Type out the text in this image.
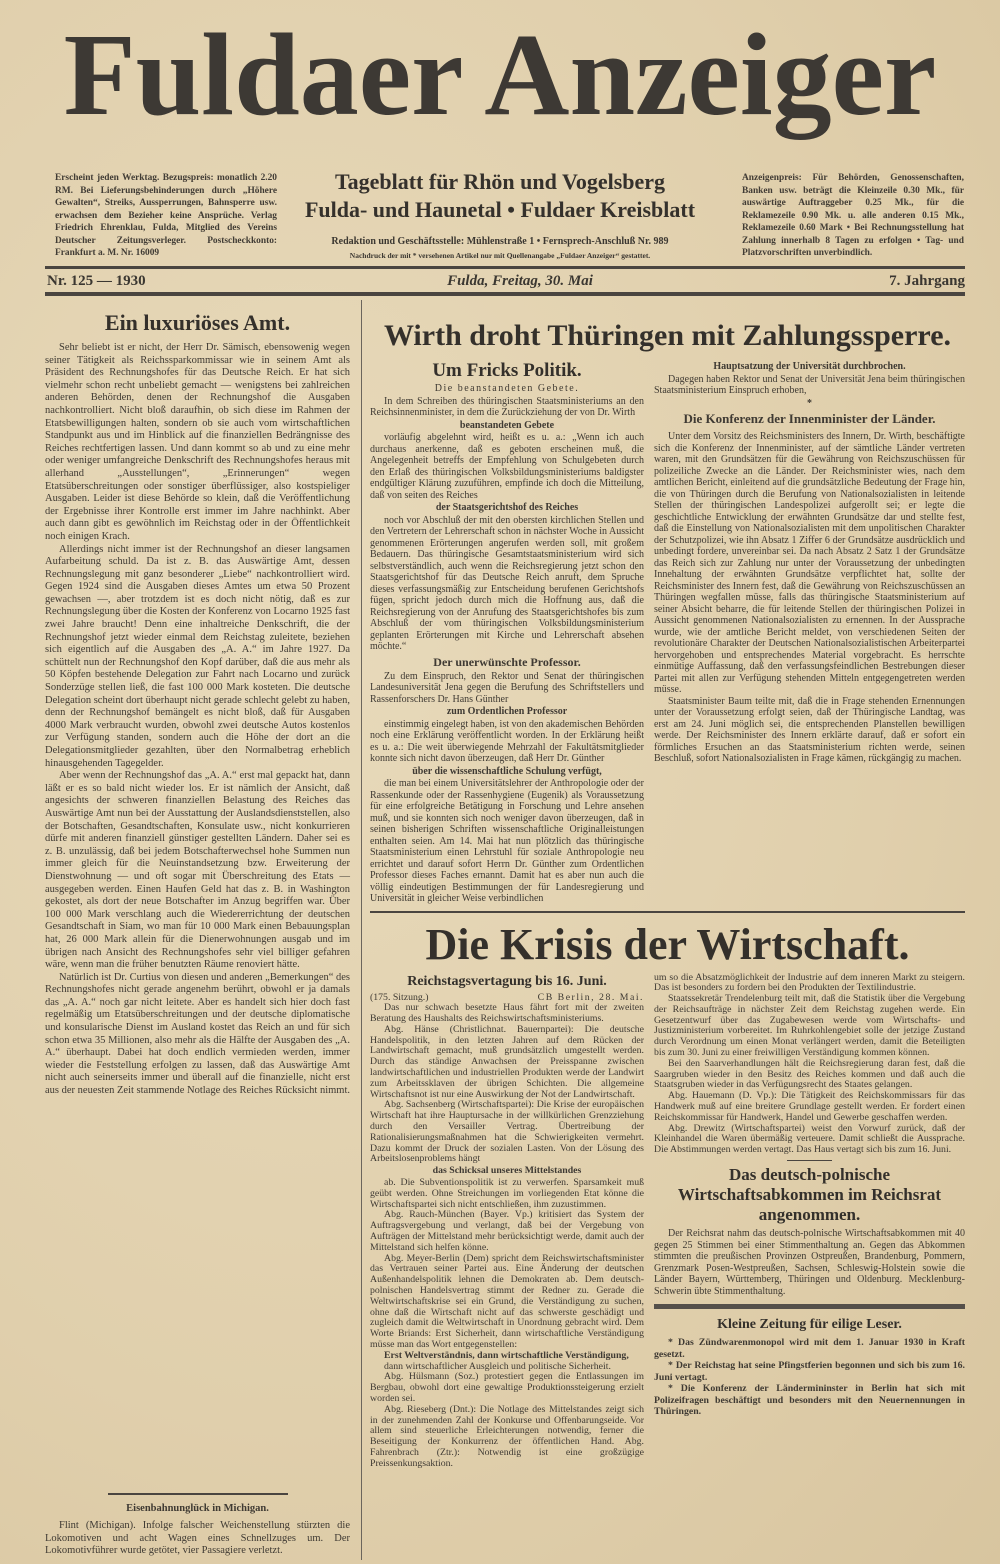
Fuldaer Anzeiger
Erscheint jeden Werktag. Bezugspreis: monatlich 2.20 RM. Bei Lieferungsbehinderungen durch „Höhere Gewalten“, Streiks, Aussperrungen, Bahnsperre usw. erwachsen dem Bezieher keine Ansprüche. Verlag Friedrich Ehrenklau, Fulda, Mitglied des Vereins Deutscher Zeitungsverleger. Postscheckkonto: Frankfurt a. M. Nr. 16009
Tageblatt für Rhön und Vogelsberg
Fulda- und Haunetal • Fuldaer Kreisblatt
Redaktion und Geschäftsstelle: Mühlenstraße 1 • Fernsprech-Anschluß Nr. 989
Nachdruck der mit * versehenen Artikel nur mit Quellenangabe „Fuldaer Anzeiger“ gestattet.
Anzeigenpreis: Für Behörden, Genossenschaften, Banken usw. beträgt die Kleinzeile 0.30 Mk., für auswärtige Auftraggeber 0.25 Mk., für die Reklamezeile 0.90 Mk. u. alle anderen 0.15 Mk., Reklamezeile 0.60 Mark • Bei Rechnungsstellung hat Zahlung innerhalb 8 Tagen zu erfolgen • Tag- und Platzvorschriften unverbindlich.
Nr. 125 — 1930	Fulda, Freitag, 30. Mai	7. Jahrgang
Ein luxuriöses Amt.

Sehr beliebt ist er nicht, der Herr Dr. Sämisch, ebensowenig wegen seiner Tätigkeit als Reichssparkommissar wie in seinem Amt als Präsident des Rechnungshofes für das Deutsche Reich. Er hat sich vielmehr schon recht unbeliebt gemacht — wenigstens bei zahlreichen anderen Behörden, denen der Rechnungshof die Ausgaben nachkontrolliert. Nicht bloß daraufhin, ob sich diese im Rahmen der Etatsbewilligungen halten, sondern ob sie auch vom wirtschaftlichen Standpunkt aus und im Hinblick auf die finanziellen Bedrängnisse des Reiches rechtfertigen lassen. Und dann kommt so ab und zu eine mehr oder weniger umfangreiche Denkschrift des Rechnungshofes heraus mit allerhand „Ausstellungen“, „Erinnerungen“ wegen Etatsüberschreitungen oder sonstiger überflüssiger, also kostspieliger Ausgaben. Leider ist diese Behörde so klein, daß die Veröffentlichung der Ergebnisse ihrer Kontrolle erst immer im Jahre nachhinkt. Aber auch dann gibt es gewöhnlich im Reichstag oder in der Öffentlichkeit noch einigen Krach.

Allerdings nicht immer ist der Rechnungshof an dieser langsamen Aufarbeitung schuld. Da ist z. B. das Auswärtige Amt, dessen Rechnungslegung mit ganz besonderer „Liebe“ nachkontrolliert wird. Gegen 1924 sind die Ausgaben dieses Amtes um etwa 50 Prozent gewachsen —, aber trotzdem ist es doch nicht nötig, daß es zur Rechnungslegung über die Kosten der Konferenz von Locarno 1925 fast zwei Jahre braucht! Denn eine inhaltreiche Denkschrift, die der Rechnungshof jetzt wieder einmal dem Reichstag zuleitete, beziehen sich eigentlich auf die Ausgaben des „A. A.“ im Jahre 1927. Da schüttelt nun der Rechnungshof den Kopf darüber, daß die aus mehr als 50 Köpfen bestehende Delegation zur Fahrt nach Locarno und zurück Sonderzüge stellen ließ, die fast 100 000 Mark kosteten. Die deutsche Delegation scheint dort überhaupt nicht gerade schlecht gelebt zu haben, denn der Rechnungshof bemängelt es nicht bloß, daß für Ausgaben 4000 Mark verbraucht wurden, obwohl zwei deutsche Autos kostenlos zur Verfügung standen, sondern auch die Höhe der dort an die Delegationsmitglieder gezahlten, über den Normalbetrag erheblich hinausgehenden Tagegelder.

Aber wenn der Rechnungshof das „A. A.“ erst mal gepackt hat, dann läßt er es so bald nicht wieder los. Er ist nämlich der Ansicht, daß angesichts der schweren finanziellen Belastung des Reiches das Auswärtige Amt nun bei der Ausstattung der Auslandsdienststellen, also der Botschaften, Gesandtschaften, Konsulate usw., nicht konkurrieren dürfe mit anderen finanziell günstiger gestellten Ländern. Daher sei es z. B. unzulässig, daß bei jedem Botschafterwechsel hohe Summen nun immer gleich für die Neuinstandsetzung bzw. Erweiterung der Dienstwohnung — und oft sogar mit Überschreitung des Etats — ausgegeben werden. Einen Haufen Geld hat das z. B. in Washington gekostet, als dort der neue Botschafter im Anzug begriffen war. Über 100 000 Mark verschlang auch die Wiedererrichtung der deutschen Gesandtschaft in Siam, wo man für 10 000 Mark einen Bebauungsplan hat, 26 000 Mark allein für die Dienerwohnungen ausgab und im übrigen nach Ansicht des Rechnungshofes sehr viel billiger gefahren wäre, wenn man die früher benutzten Räume renoviert hätte.

Natürlich ist Dr. Curtius von diesen und anderen „Bemerkungen“ des Rechnungshofes nicht gerade angenehm berührt, obwohl er ja damals das „A. A.“ noch gar nicht leitete. Aber es handelt sich hier doch fast regelmäßig um Etatsüberschreitungen und der deutsche diplomatische und konsularische Dienst im Ausland kostet das Reich an und für sich schon etwa 35 Millionen, also mehr als die Hälfte der Ausgaben des „A. A.“ überhaupt. Dabei hat doch endlich vermieden werden, immer wieder die Feststellung erfolgen zu lassen, daß das Auswärtige Amt nicht auch seinerseits immer und überall auf die finanzielle, nicht erst aus der neuesten Zeit stammende Notlage des Reiches Rücksicht nimmt.

Eisenbahnunglück in Michigan.

Flint (Michigan). Infolge falscher Weichenstellung stürzten die Lokomotiven und acht Wagen eines Schnellzuges um. Der Lokomotivführer wurde getötet, vier Passagiere verletzt.

Wirth droht Thüringen mit Zahlungssperre.
Um Fricks Politik.
Die beanstandeten Gebete.

In dem Schreiben des thüringischen Staatsministeriums an den Reichsinnenminister, in dem die Zurückziehung der von Dr. Wirth

beanstandeten Gebete

vorläufig abgelehnt wird, heißt es u. a.: „Wenn ich auch durchaus anerkenne, daß es geboten erscheinen muß, die Angelegenheit betreffs der Empfehlung von Schulgebeten durch den Erlaß des thüringischen Volksbildungsministeriums baldigster endgültiger Klärung zuzuführen, empfinde ich doch die Mitteilung, daß von seiten des Reiches

der Staatsgerichtshof des Reiches

noch vor Abschluß der mit den obersten kirchlichen Stellen und den Vertretern der Lehrerschaft schon in nächster Woche in Aussicht genommenen Erörterungen angerufen werden soll, mit großem Bedauern. Das thüringische Gesamtstaatsministerium wird sich selbstverständlich, auch wenn die Reichsregierung jetzt schon den Staatsgerichtshof für das Deutsche Reich anruft, dem Spruche dieses verfassungsmäßig zur Entscheidung berufenen Gerichtshofs fügen, spricht jedoch durch mich die Hoffnung aus, daß die Reichsregierung von der Anrufung des Staatsgerichtshofes bis zum Abschluß der vom thüringischen Volksbildungsministerium geplanten Erörterungen mit Kirche und Lehrerschaft absehen möchte.“

Der unerwünschte Professor.

Zu dem Einspruch, den Rektor und Senat der thüringischen Landesuniversität Jena gegen die Berufung des Schriftstellers und Rassenforschers Dr. Hans Günther

zum Ordentlichen Professor

einstimmig eingelegt haben, ist von den akademischen Behörden noch eine Erklärung veröffentlicht worden. In der Erklärung heißt es u. a.: Die weit überwiegende Mehrzahl der Fakultätsmitglieder konnte sich nicht davon überzeugen, daß Herr Dr. Günther

über die wissenschaftliche Schulung verfügt,

die man bei einem Universitätslehrer der Anthropologie oder der Rassenkunde oder der Rassenhygiene (Eugenik) als Voraussetzung für eine erfolgreiche Betätigung in Forschung und Lehre ansehen muß, und sie konnten sich noch weniger davon überzeugen, daß in seinen bisherigen Schriften wissenschaftliche Originalleistungen enthalten seien. Am 14. Mai hat nun plötzlich das thüringische Staatsministerium einen Lehrstuhl für soziale Anthropologie neu errichtet und darauf sofort Herrn Dr. Günther zum Ordentlichen Professor dieses Faches ernannt. Damit hat es aber nun auch die völlig eindeutigen Bestimmungen der für Landesregierung und Universität in gleicher Weise verbindlichen

Hauptsatzung der Universität durchbrochen.

Dagegen haben Rektor und Senat der Universität Jena beim thüringischen Staatsministerium Einspruch erhoben,

*
Die Konferenz der Innenminister der Länder.

Unter dem Vorsitz des Reichsministers des Innern, Dr. Wirth, beschäftigte sich die Konferenz der Innenminister, auf der sämtliche Länder vertreten waren, mit den Grundsätzen für die Gewährung von Reichszuschüssen für polizeiliche Zwecke an die Länder. Der Reichsminister wies, nach dem amtlichen Bericht, einleitend auf die grundsätzliche Bedeutung der Frage hin, die von Thüringen durch die Berufung von Nationalsozialisten in leitende Stellen der thüringischen Landespolizei aufgerollt sei; er legte die geschichtliche Entwicklung der erwähnten Grundsätze dar und stellte fest, daß die Einstellung von Nationalsozialisten mit dem unpolitischen Charakter der Schutzpolizei, wie ihn Absatz 1 Ziffer 6 der Grundsätze ausdrücklich und unbedingt fordere, unvereinbar sei. Da nach Absatz 2 Satz 1 der Grundsätze das Reich sich zur Zahlung nur unter der Voraussetzung der unbedingten Innehaltung der erwähnten Grundsätze verpflichtet hat, sollte der Reichsminister des Innern fest, daß die Gewährung von Reichszuschüssen an Thüringen wegfallen müsse, falls das thüringische Staatsministerium auf seiner Absicht beharre, die für leitende Stellen der thüringischen Polizei in Aussicht genommenen Nationalsozialisten zu ernennen. In der Aussprache wurde, wie der amtliche Bericht meldet, von verschiedenen Seiten der revolutionäre Charakter der Deutschen Nationalsozialistischen Arbeiterpartei hervorgehoben und entsprechendes Material vorgebracht. Es herrschte einmütige Auffassung, daß den verfassungsfeindlichen Bestrebungen dieser Partei mit allen zur Verfügung stehenden Mitteln entgegengetreten werden müsse.

Staatsminister Baum teilte mit, daß die in Frage stehenden Ernennungen unter der Voraussetzung erfolgt seien, daß der Thüringische Landtag, was erst am 24. Juni möglich sei, die entsprechenden Planstellen bewilligen werde. Der Reichsminister des Innern erklärte darauf, daß er sofort ein förmliches Ersuchen an das Staatsministerium richten werde, seinen Beschluß, sofort Nationalsozialisten in Frage kämen, rückgängig zu machen.

Die Krisis der Wirtschaft.
Reichstagsvertagung bis 16. Juni.
(175. Sitzung.)	CB Berlin, 28. Mai.

Das nur schwach besetzte Haus fährt fort mit der zweiten Beratung des Haushalts des Reichswirtschaftsministeriums.

Abg. Hänse (Christlichnat. Bauernpartei): Die deutsche Handelspolitik, in den letzten Jahren auf dem Rücken der Landwirtschaft gemacht, muß grundsätzlich umgestellt werden. Durch das ständige Anwachsen der Preisspanne zwischen landwirtschaftlichen und industriellen Produkten werde der Landwirt zum Arbeitssklaven der übrigen Schichten. Die allgemeine Wirtschaftsnot ist nur eine Auswirkung der Not der Landwirtschaft.

Abg. Sachsenberg (Wirtschaftspartei): Die Krise der europäischen Wirtschaft hat ihre Hauptursache in der willkürlichen Grenzziehung durch den Versailler Vertrag. Übertreibung der Rationalisierungsmaßnahmen hat die Schwierigkeiten vermehrt. Dazu kommt der Druck der sozialen Lasten. Von der Lösung des Arbeitslosenproblems hängt

das Schicksal unseres Mittelstandes

ab. Die Subventionspolitik ist zu verwerfen. Sparsamkeit muß geübt werden. Ohne Streichungen im vorliegenden Etat könne die Wirtschaftspartei sich nicht entschließen, ihm zuzustimmen.

Abg. Rauch-München (Bayer. Vp.) kritisiert das System der Auftragsvergebung und verlangt, daß bei der Vergebung von Aufträgen der Mittelstand mehr berücksichtigt werde, damit auch der Mittelstand sich helfen könne.

Abg. Meyer-Berlin (Dem) spricht dem Reichswirtschaftsminister das Vertrauen seiner Partei aus. Eine Änderung der deutschen Außenhandelspolitik lehnen die Demokraten ab. Dem deutsch-polnischen Handelsvertrag stimmt der Redner zu. Gerade die Weltwirtschaftskrise sei ein Grund, die Verständigung zu suchen, ohne daß die Wirtschaft nicht auf das schwerste geschädigt und zugleich damit die Weltwirtschaft in Unordnung gebracht wird. Dem Worte Briands: Erst Sicherheit, dann wirtschaftliche Verständigung müsse man das Wort entgegenstellen:

Erst Weltverständnis, dann wirtschaftliche Verständigung,

dann wirtschaftlicher Ausgleich und politische Sicherheit.

Abg. Hülsmann (Soz.) protestiert gegen die Entlassungen im Bergbau, obwohl dort eine gewaltige Produktionssteigerung erzielt worden sei.

Abg. Rieseberg (Dnt.): Die Notlage des Mittelstandes zeigt sich in der zunehmenden Zahl der Konkurse und Offenbarungseide. Vor allem sind steuerliche Erleichterungen notwendig, ferner die Beseitigung der Konkurrenz der öffentlichen Hand. Abg. Fahrenbrach (Ztr.): Notwendig ist eine großzügige Preissenkungsaktion.

um so die Absatzmöglichkeit der Industrie auf dem inneren Markt zu steigern. Das ist besonders zu fordern bei den Produkten der Textilindustrie.

Staatssekretär Trendelenburg teilt mit, daß die Statistik über die Vergebung der Reichsaufträge in nächster Zeit dem Reichstag zugehen werde. Ein Gesetzentwurf über das Zugabewesen werde vom Wirtschafts- und Justizministerium vorbereitet. Im Ruhrkohlengebiet solle der jetzige Zustand durch Verordnung um einen Monat verlängert werden, damit die Beteiligten bis zum 30. Juni zu einer freiwilligen Verständigung kommen können.

Bei den Saarverhandlungen hält die Reichsregierung daran fest, daß die Saargruben wieder in den Besitz des Reiches kommen und daß auch die Staatsgruben wieder in das Verfügungsrecht des Staates gelangen.

Abg. Hauemann (D. Vp.): Die Tätigkeit des Reichskommissars für das Handwerk muß auf eine breitere Grundlage gestellt werden. Er fordert einen Reichskommissar für Handwerk, Handel und Gewerbe geschaffen werden.

Abg. Drewitz (Wirtschaftspartei) weist den Vorwurf zurück, daß der Kleinhandel die Waren übermäßig verteuere. Damit schließt die Aussprache. Die Abstimmungen werden vertagt. Das Haus vertagt sich bis zum 16. Juni.

Das deutsch-polnische Wirtschaftsabkommen im Reichsrat angenommen.

Der Reichsrat nahm das deutsch-polnische Wirtschaftsabkommen mit 40 gegen 25 Stimmen bei einer Stimmenthaltung an. Gegen das Abkommen stimmten die preußischen Provinzen Ostpreußen, Brandenburg, Pommern, Grenzmark Posen-Westpreußen, Sachsen, Schleswig-Holstein sowie die Länder Bayern, Württemberg, Thüringen und Oldenburg. Mecklenburg-Schwerin übte Stimmenthaltung.

Kleine Zeitung für eilige Leser.

* Das Zündwarenmonopol wird mit dem 1. Januar 1930 in Kraft gesetzt.

* Der Reichstag hat seine Pfingstferien begonnen und sich bis zum 16. Juni vertagt.

* Die Konferenz der Ländermininster in Berlin hat sich mit Polizeifragen beschäftigt und besonders mit den Neuernennungen in Thüringen.
